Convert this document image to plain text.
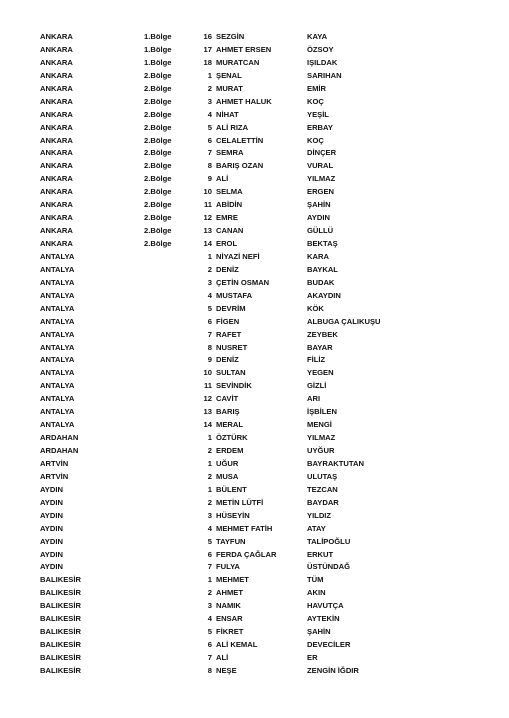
ANKARA	1.Bölge	16 SEZGİN	KAYA
ANKARA	1.Bölge	17 AHMET ERSEN	ÖZSOY
ANKARA	1.Bölge	18 MURATCAN	IŞILDAK
ANKARA	2.Bölge	1 ŞENAL	SARIHAN
ANKARA	2.Bölge	2 MURAT	EMİR
ANKARA	2.Bölge	3 AHMET HALUK	KOÇ
ANKARA	2.Bölge	4 NİHAT	YEŞİL
ANKARA	2.Bölge	5 ALİ RIZA	ERBAY
ANKARA	2.Bölge	6 CELALETTİN	KOÇ
ANKARA	2.Bölge	7 SEMRA	DİNÇER
ANKARA	2.Bölge	8 BARIŞ OZAN	VURAL
ANKARA	2.Bölge	9 ALİ	YILMAZ
ANKARA	2.Bölge	10 SELMA	ERGEN
ANKARA	2.Bölge	11 ABİDİN	ŞAHİN
ANKARA	2.Bölge	12 EMRE	AYDIN
ANKARA	2.Bölge	13 CANAN	GÜLLÜ
ANKARA	2.Bölge	14 EROL	BEKTAŞ
ANTALYA	1 NİYAZİ NEFİ	KARA
ANTALYA	2 DENİZ	BAYKAL
ANTALYA	3 ÇETİN OSMAN	BUDAK
ANTALYA	4 MUSTAFA	AKAYDIN
ANTALYA	5 DEVRİM	KÖK
ANTALYA	6 FİGEN	ALBUGA ÇALIKUŞU
ANTALYA	7 RAFET	ZEYBEK
ANTALYA	8 NUSRET	BAYAR
ANTALYA	9 DENİZ	FİLİZ
ANTALYA	10 SULTAN	YEGEN
ANTALYA	11 SEVİNDİK	GİZLİ
ANTALYA	12 CAVİT	ARI
ANTALYA	13 BARIŞ	İŞBİLEN
ANTALYA	14 MERAL	MENGİ
ARDAHAN	1 ÖZTÜRK	YILMAZ
ARDAHAN	2 ERDEM	UYĞUR
ARTVİN	1 UĞUR	BAYRAKTUTAN
ARTVİN	2 MUSA	ULUTAŞ
AYDIN	1 BÜLENT	TEZCAN
AYDIN	2 METİN LÜTFİ	BAYDAR
AYDIN	3 HÜSEYİN	YILDIZ
AYDIN	4 MEHMET FATİH	ATAY
AYDIN	5 TAYFUN	TALİPOĞLU
AYDIN	6 FERDA ÇAĞLAR	ERKUT
AYDIN	7 FULYA	ÜSTÜNDAĞ
BALIKESİR	1 MEHMET	TÜM
BALIKESİR	2 AHMET	AKIN
BALIKESİR	3 NAMIK	HAVUTÇA
BALIKESİR	4 ENSAR	AYTEKİN
BALIKESİR	5 FİKRET	ŞAHİN
BALIKESİR	6 ALİ KEMAL	DEVECİLER
BALIKESİR	7 ALİ	ER
BALIKESİR	8 NEŞE	ZENGİN İĞDIR
